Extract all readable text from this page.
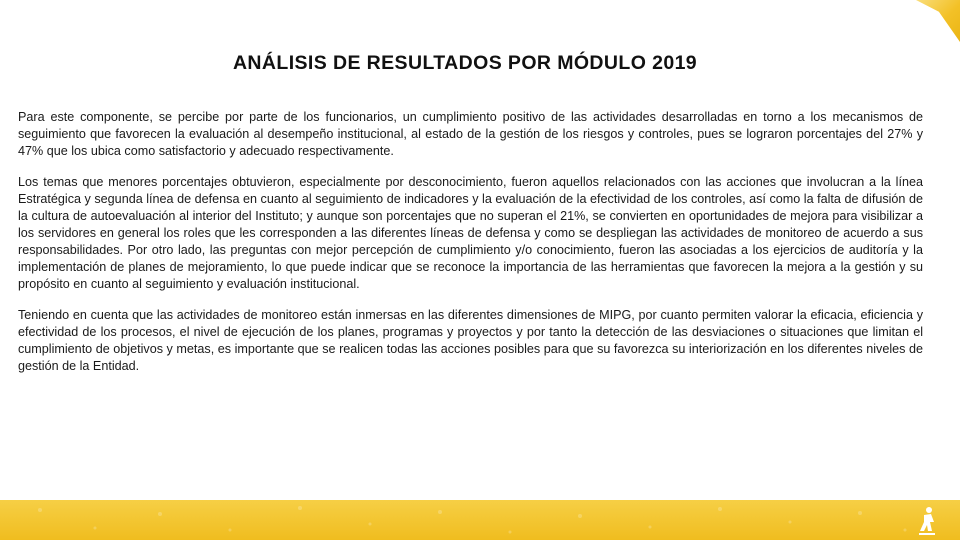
ANÁLISIS DE RESULTADOS POR MÓDULO 2019

Para este componente, se percibe por parte de los funcionarios, un cumplimiento positivo de las actividades desarrolladas en torno a los mecanismos de seguimiento que favorecen la evaluación al desempeño institucional, al estado de la gestión de los riesgos y controles, pues se lograron porcentajes del 27% y 47% que los ubica como satisfactorio y adecuado respectivamente.

Los temas que menores porcentajes obtuvieron, especialmente por desconocimiento, fueron aquellos relacionados con las acciones que involucran a la línea Estratégica y segunda línea de defensa en cuanto al seguimiento de indicadores y la evaluación de la efectividad de los controles, así como la falta de difusión de la cultura de autoevaluación al interior del Instituto; y aunque son porcentajes que no superan el 21%, se convierten en oportunidades de mejora para visibilizar a los servidores en general los roles que les corresponden a las diferentes líneas de defensa y como se despliegan las actividades de monitoreo de acuerdo a sus responsabilidades. Por otro lado, las preguntas con mejor percepción de cumplimiento y/o conocimiento, fueron las asociadas a los ejercicios de auditoría y la implementación de planes de mejoramiento, lo que puede indicar que se reconoce la importancia de las herramientas que favorecen la mejora a la gestión y su propósito en cuanto al seguimiento y evaluación institucional.

Teniendo en cuenta que las actividades de monitoreo están inmersas en las diferentes dimensiones de MIPG, por cuanto permiten valorar la eficacia, eficiencia y efectividad de los procesos, el nivel de ejecución de los planes, programas y proyectos y por tanto la detección de las desviaciones o situaciones que limitan el cumplimiento de objetivos y metas, es importante que se realicen todas las acciones posibles para que su favorezca su interiorización en los diferentes niveles de gestión de la Entidad.
